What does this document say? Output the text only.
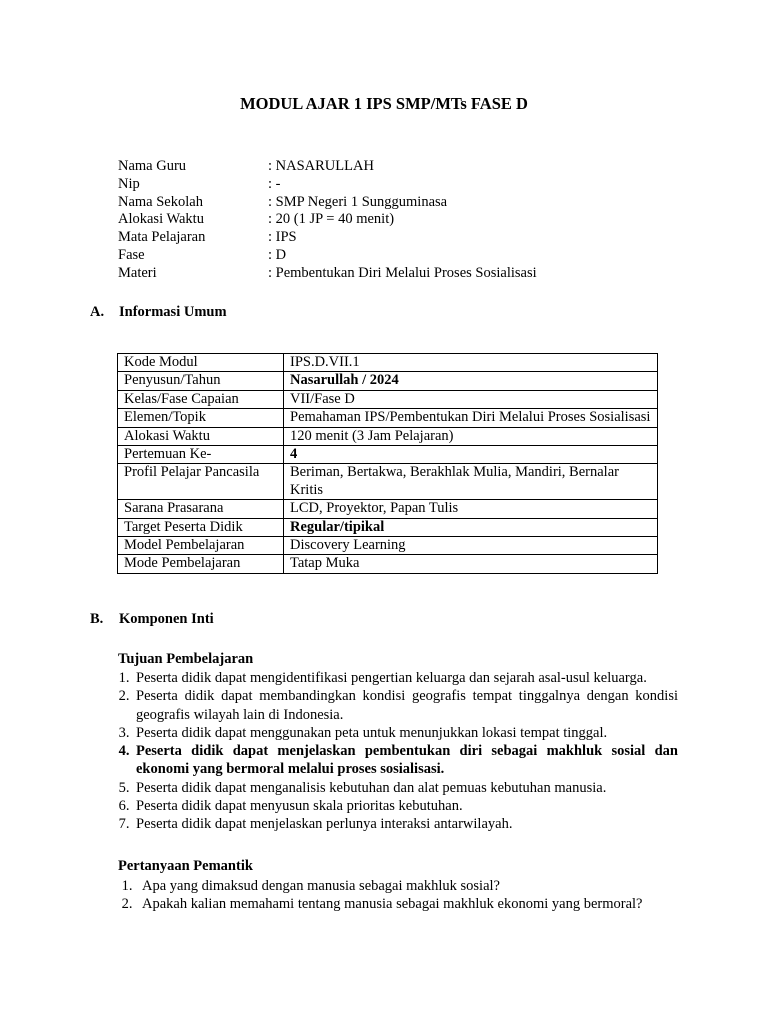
MODUL AJAR 1 IPS SMP/MTs FASE D
Nama Guru	: NASARULLAH
Nip	: -
Nama Sekolah	: SMP Negeri 1 Sungguminasa
Alokasi Waktu	: 20 (1 JP = 40 menit)
Mata Pelajaran	: IPS
Fase	: D
Materi	: Pembentukan Diri Melalui Proses Sosialisasi
A.	Informasi Umum
Kode Modul	IPS.D.VII.1
Penyusun/Tahun	Nasarullah / 2024
Kelas/Fase Capaian	VII/Fase D
Elemen/Topik	Pemahaman IPS/Pembentukan Diri Melalui Proses Sosialisasi
Alokasi Waktu	120 menit (3 Jam Pelajaran)
Pertemuan Ke-	4
Profil Pelajar Pancasila	Beriman, Bertakwa, Berakhlak Mulia, Mandiri, Bernalar Kritis
Sarana Prasarana	LCD, Proyektor, Papan Tulis
Target Peserta Didik	Regular/tipikal
Model Pembelajaran	Discovery Learning
Mode Pembelajaran	Tatap Muka
B.	Komponen Inti
Tujuan Pembelajaran
1. Peserta didik dapat mengidentifikasi pengertian keluarga dan sejarah asal-usul keluarga.
2. Peserta didik dapat membandingkan kondisi geografis tempat tinggalnya dengan kondisi geografis wilayah lain di Indonesia.
3. Peserta didik dapat menggunakan peta untuk menunjukkan lokasi tempat tinggal.
4. Peserta didik dapat menjelaskan pembentukan diri sebagai makhluk sosial dan ekonomi yang bermoral melalui proses sosialisasi.
5. Peserta didik dapat menganalisis kebutuhan dan alat pemuas kebutuhan manusia.
6. Peserta didik dapat menyusun skala prioritas kebutuhan.
7. Peserta didik dapat menjelaskan perlunya interaksi antarwilayah.
Pertanyaan Pemantik
1. Apa yang dimaksud dengan manusia sebagai makhluk sosial?
2. Apakah kalian memahami tentang manusia sebagai makhluk ekonomi yang bermoral?
